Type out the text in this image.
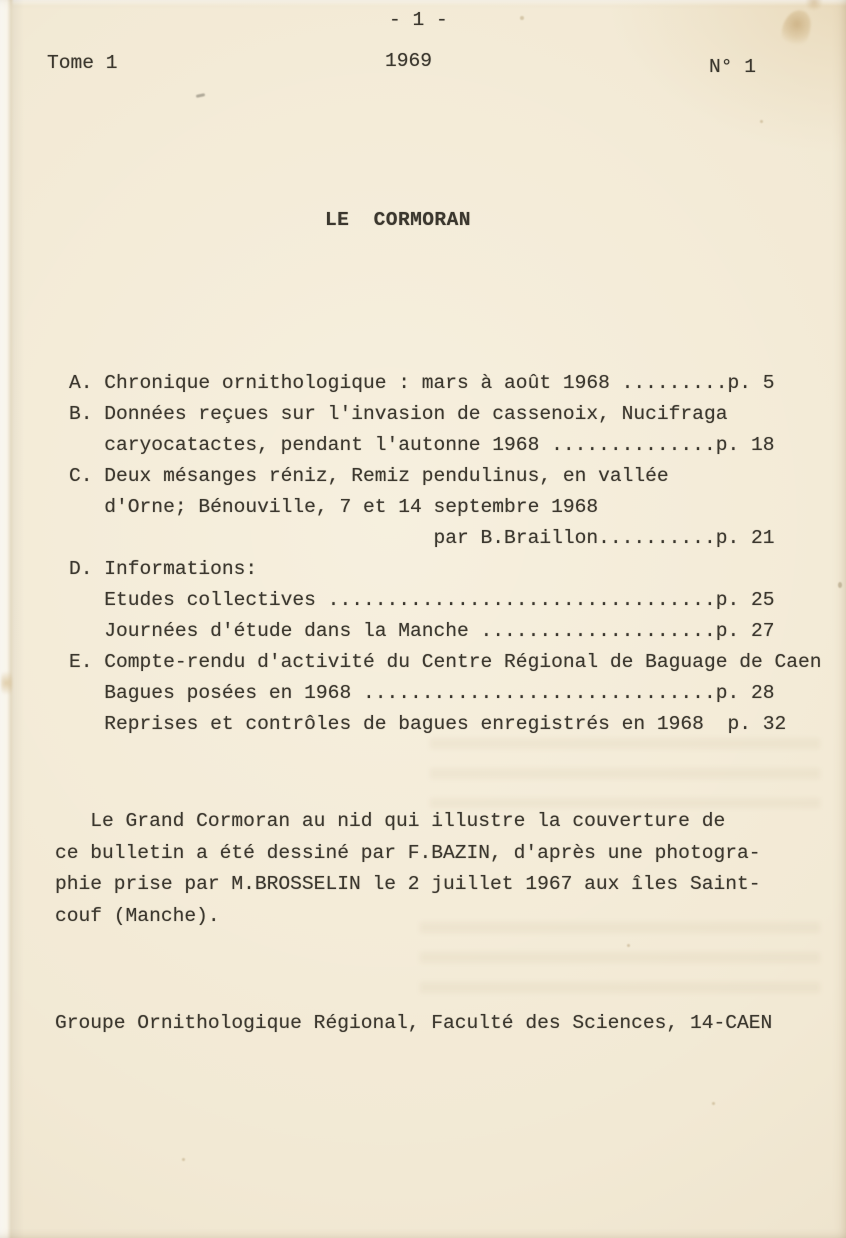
- 1 -
Tome 1	1969	N° 1
LE  CORMORAN
A. Chronique ornithologique : mars à août 1968 .........p. 5
B. Données reçues sur l'invasion de cassenoix, Nucifraga
caryocatactes, pendant l'autonne 1968 ..............p. 18
C. Deux mésanges réniz, Remiz pendulinus, en vallée
d'Orne; Bénouville, 7 et 14 septembre 1968
par B.Braillon..........p. 21
D. Informations:
Etudes collectives .................................p. 25
Journées d'étude dans la Manche ....................p. 27
E. Compte-rendu d'activité du Centre Régional de Baguage de Caen
Bagues posées en 1968 ..............................p. 28
Reprises et contrôles de bagues enregistrés en 1968  p. 32
Le Grand Cormoran au nid qui illustre la couverture de
ce bulletin a été dessiné par F.BAZIN, d'après une photogra-
phie prise par M.BROSSELIN le 2 juillet 1967 aux îles Saint-
couf (Manche).
Groupe Ornithologique Régional, Faculté des Sciences, 14-CAEN
